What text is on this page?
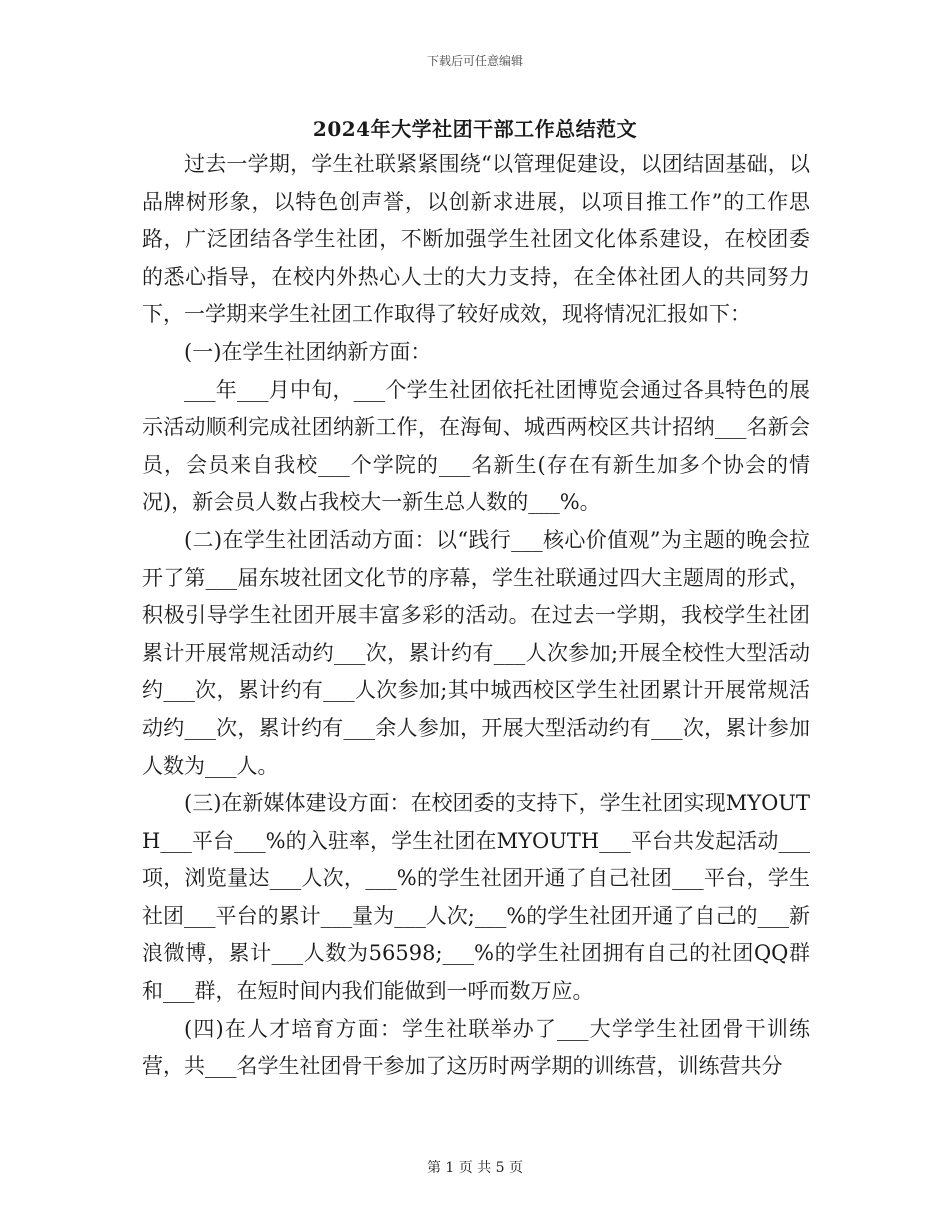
下载后可任意编辑
2024年大学社团干部工作总结范文

过去一学期，学生社联紧紧围绕“以管理促建设，以团结固基础，以品牌树形象，以特色创声誉，以创新求进展，以项目推工作”的工作思路，广泛团结各学生社团，不断加强学生社团文化体系建设，在校团委的悉心指导，在校内外热心人士的大力支持，在全体社团人的共同努力下，一学期来学生社团工作取得了较好成效，现将情况汇报如下：

(一)在学生社团纳新方面：

___年___月中旬，___个学生社团依托社团博览会通过各具特色的展示活动顺利完成社团纳新工作，在海甸、城西两校区共计招纳___名新会员，会员来自我校___个学院的___名新生(存在有新生加多个协会的情况)，新会员人数占我校大一新生总人数的___%。

(二)在学生社团活动方面：以“践行___核心价值观”为主题的晚会拉开了第___届东坡社团文化节的序幕，学生社联通过四大主题周的形式，积极引导学生社团开展丰富多彩的活动。在过去一学期，我校学生社团累计开展常规活动约___次，累计约有___人次参加;开展全校性大型活动约___次，累计约有___人次参加;其中城西校区学生社团累计开展常规活动约___次，累计约有___余人参加，开展大型活动约有___次，累计参加人数为___人。

(三)在新媒体建设方面：在校团委的支持下，学生社团实现MYOUTH___平台___%的入驻率，学生社团在MYOUTH___平台共发起活动___项，浏览量达___人次，___%的学生社团开通了自己社团___平台，学生社团___平台的累计___量为___人次;___%的学生社团开通了自己的___新浪微博，累计___人数为56598;___%的学生社团拥有自己的社团QQ群和___群，在短时间内我们能做到一呼而数万应。

(四)在人才培育方面：学生社联举办了___大学学生社团骨干训练营，共___名学生社团骨干参加了这历时两学期的训练营，训练营共分

第 1 页 共 5 页
